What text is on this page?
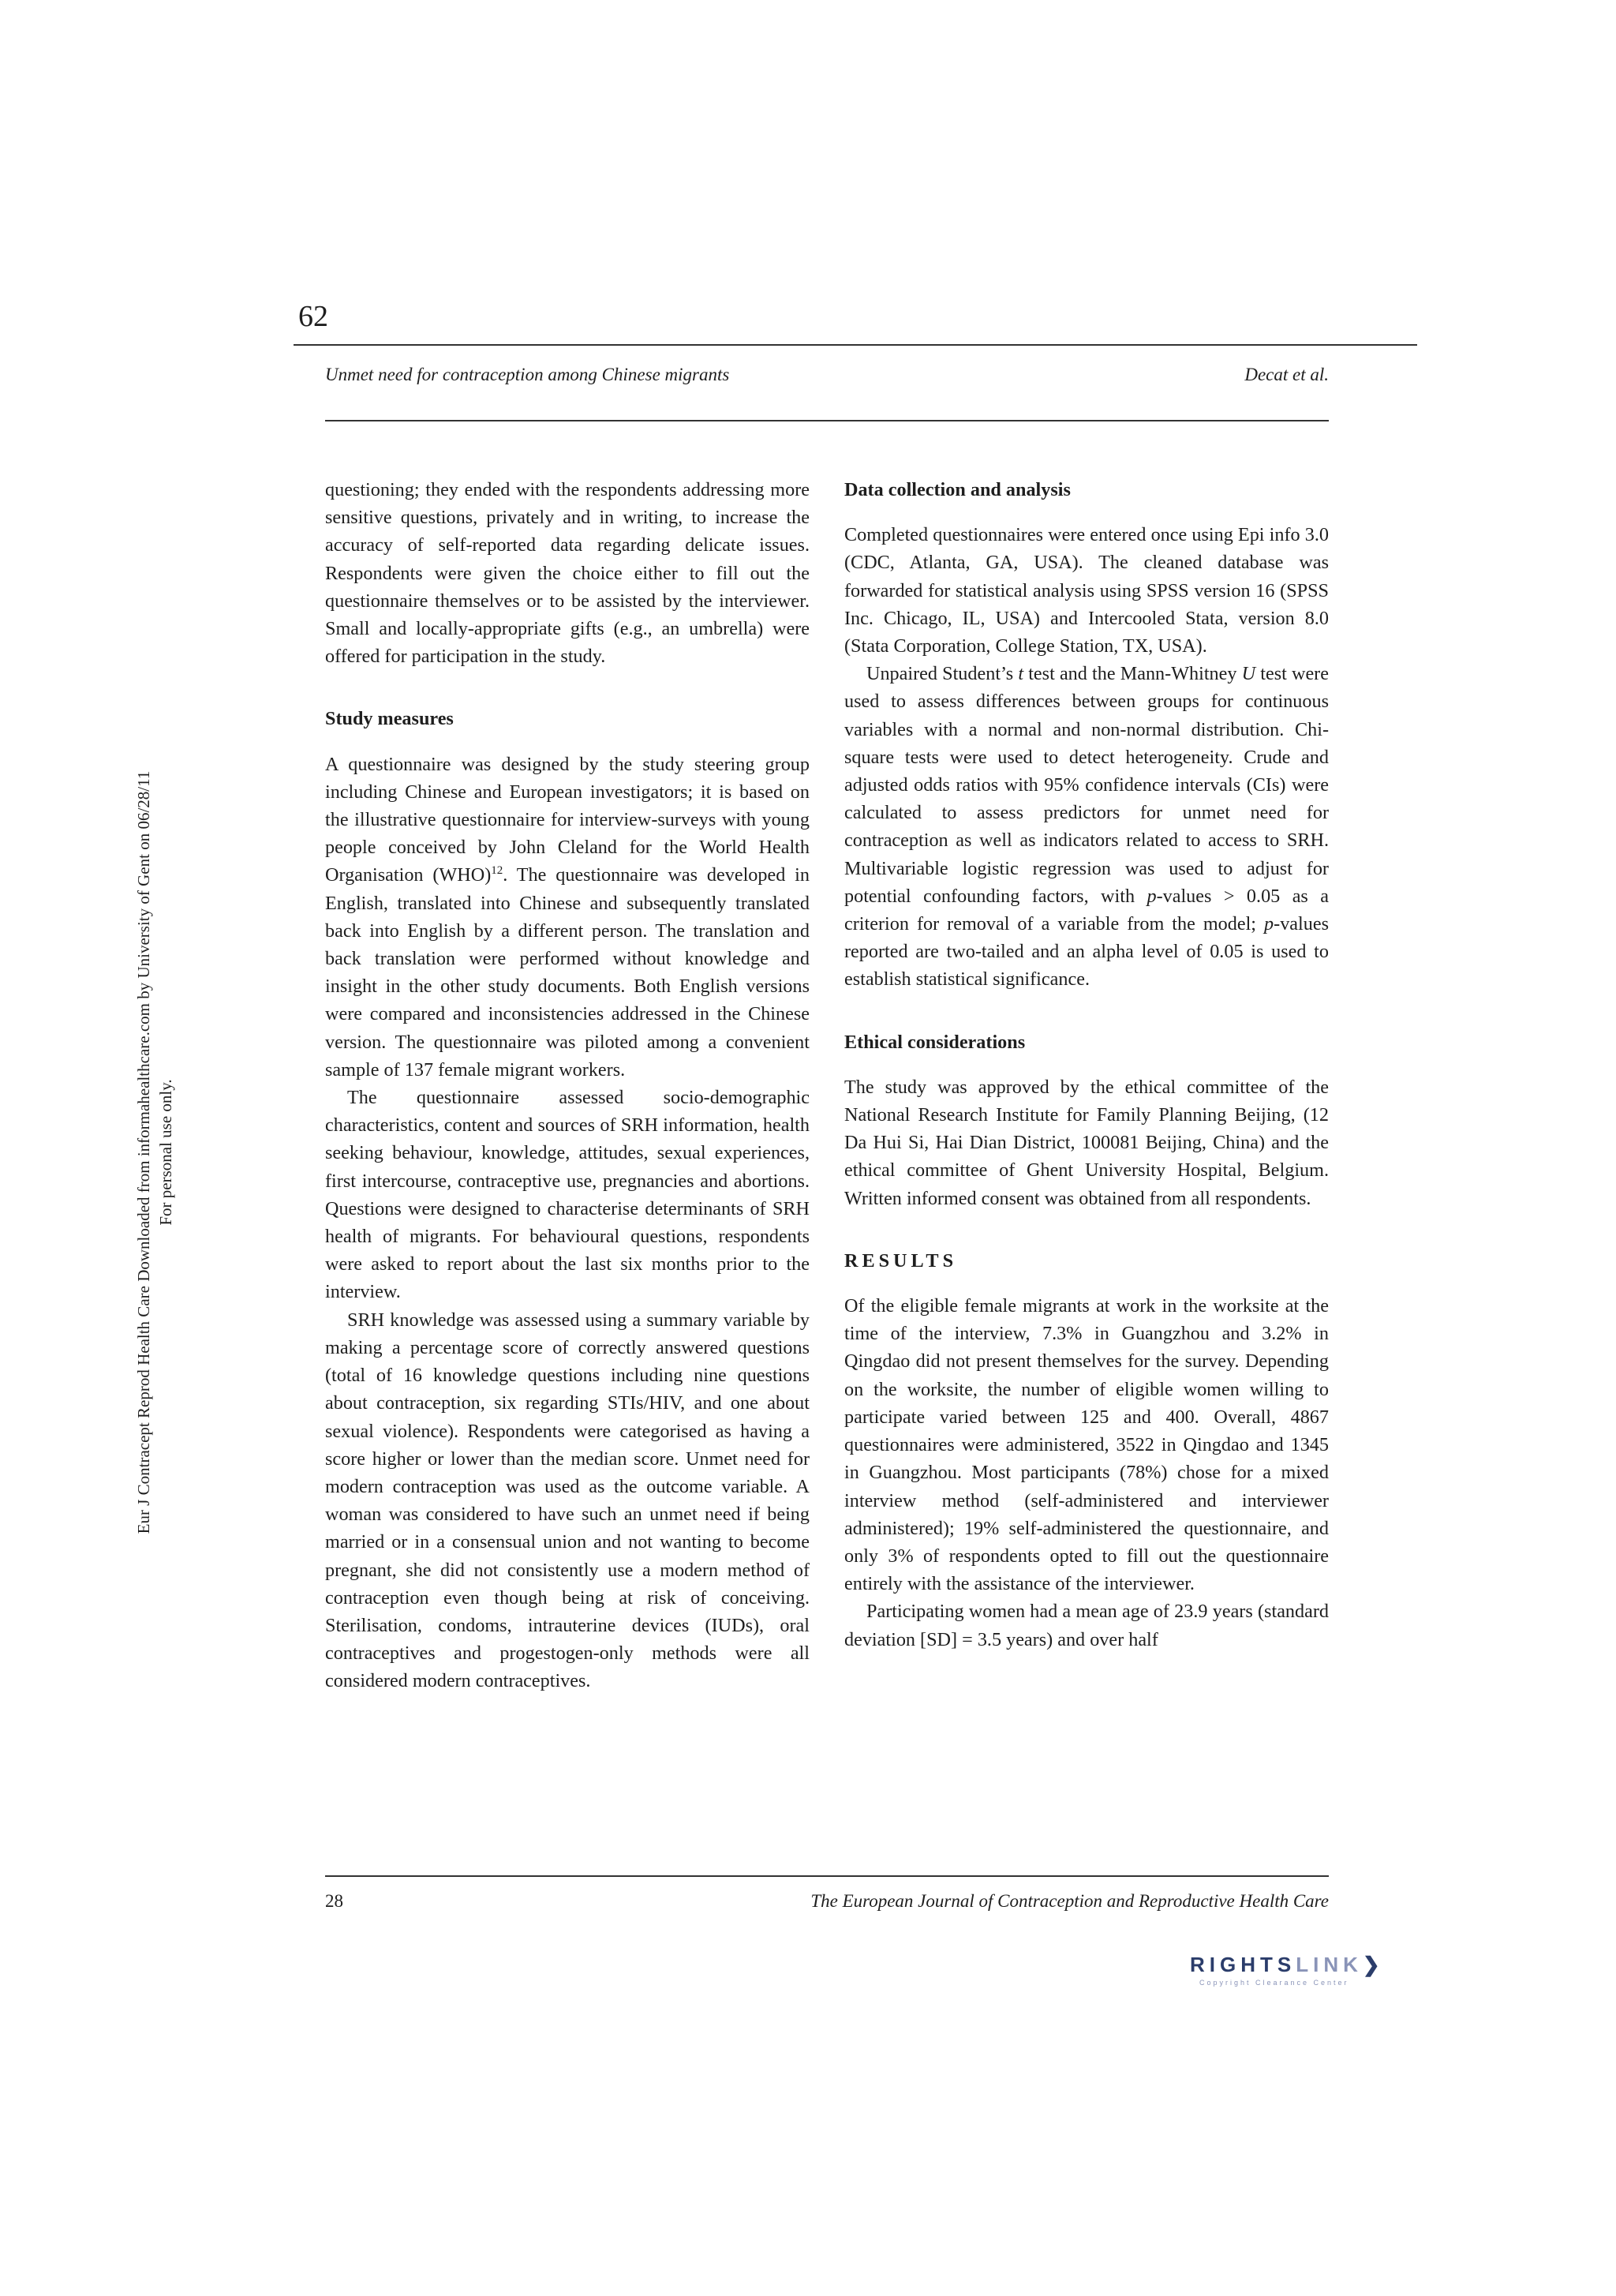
62
Unmet need for contraception among Chinese migrants	Decat et al.

questioning; they ended with the respondents addressing more sensitive questions, privately and in writing, to increase the accuracy of self-reported data regarding delicate issues. Respondents were given the choice either to fill out the questionnaire themselves or to be assisted by the interviewer. Small and locally-appropriate gifts (e.g., an umbrella) were offered for participation in the study.

Study measures

A questionnaire was designed by the study steering group including Chinese and European investigators; it is based on the illustrative questionnaire for interview-surveys with young people conceived by John Cleland for the World Health Organisation (WHO)$^{12}$. The questionnaire was developed in English, translated into Chinese and subsequently translated back into English by a different person. The translation and back translation were performed without knowledge and insight in the other study documents. Both English versions were compared and inconsistencies addressed in the Chinese version. The questionnaire was piloted among a convenient sample of 137 female migrant workers.

The questionnaire assessed socio-demographic characteristics, content and sources of SRH information, health seeking behaviour, knowledge, attitudes, sexual experiences, first intercourse, contraceptive use, pregnancies and abortions. Questions were designed to characterise determinants of SRH health of migrants. For behavioural questions, respondents were asked to report about the last six months prior to the interview.

SRH knowledge was assessed using a summary variable by making a percentage score of correctly answered questions (total of 16 knowledge questions including nine questions about contraception, six regarding STIs/HIV, and one about sexual violence). Respondents were categorised as having a score higher or lower than the median score. Unmet need for modern contraception was used as the outcome variable. A woman was considered to have such an unmet need if being married or in a consensual union and not wanting to become pregnant, she did not consistently use a modern method of contraception even though being at risk of conceiving. Sterilisation, condoms, intrauterine devices (IUDs), oral contraceptives and progestogen-only methods were all considered modern contraceptives.

Data collection and analysis

Completed questionnaires were entered once using Epi info 3.0 (CDC, Atlanta, GA, USA). The cleaned database was forwarded for statistical analysis using SPSS version 16 (SPSS Inc. Chicago, IL, USA) and Intercooled Stata, version 8.0 (Stata Corporation, College Station, TX, USA).

Unpaired Student’s t test and the Mann-Whitney U test were used to assess differences between groups for continuous variables with a normal and non-normal distribution. Chi-square tests were used to detect heterogeneity. Crude and adjusted odds ratios with 95% confidence intervals (CIs) were calculated to assess predictors for unmet need for contraception as well as indicators related to access to SRH. Multivariable logistic regression was used to adjust for potential confounding factors, with p-values > 0.05 as a criterion for removal of a variable from the model; p-values reported are two-tailed and an alpha level of 0.05 is used to establish statistical significance.

Ethical considerations

The study was approved by the ethical committee of the National Research Institute for Family Planning Beijing, (12 Da Hui Si, Hai Dian District, 100081 Beijing, China) and the ethical committee of Ghent University Hospital, Belgium. Written informed consent was obtained from all respondents.

RESULTS

Of the eligible female migrants at work in the worksite at the time of the interview, 7.3% in Guangzhou and 3.2% in Qingdao did not present themselves for the survey. Depending on the worksite, the number of eligible women willing to participate varied between 125 and 400. Overall, 4867 questionnaires were administered, 3522 in Qingdao and 1345 in Guangzhou. Most participants (78%) chose for a mixed interview method (self-administered and interviewer administered); 19% self-administered the questionnaire, and only 3% of respondents opted to fill out the questionnaire entirely with the assistance of the interviewer.

Participating women had a mean age of 23.9 years (standard deviation [SD] = 3.5 years) and over half

28	The European Journal of Contraception and Reproductive Health Care
Eur J Contracept Reprod Health Care Downloaded from informahealthcare.com by University of Gent on 06/28/11 For personal use only.
RIGHTSLINK❯
Copyright Clearance Center
